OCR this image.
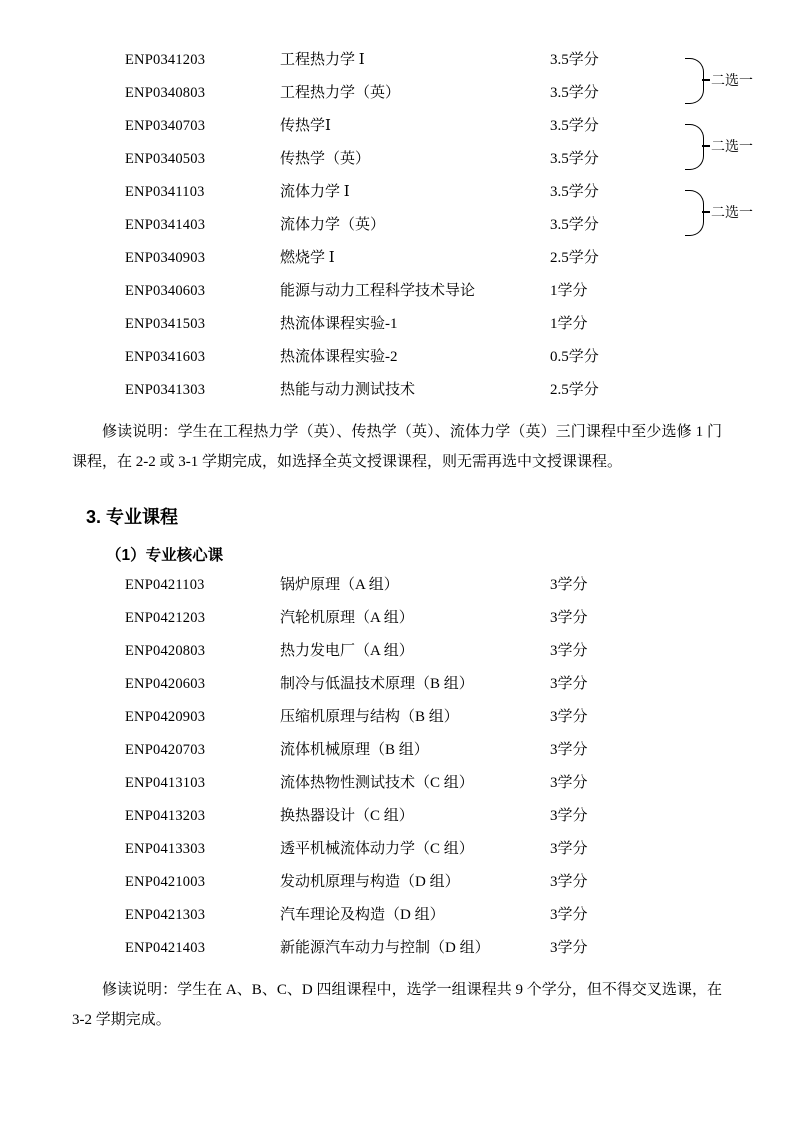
ENP0341203	工程热力学 Ⅰ	3.5学分
ENP0340803	工程热力学（英）	3.5学分
ENP0340703	传热学Ⅰ	3.5学分
ENP0340503	传热学（英）	3.5学分
ENP0341103	流体力学 Ⅰ	3.5学分
ENP0341403	流体力学（英）	3.5学分
ENP0340903	燃烧学 Ⅰ	2.5学分
ENP0340603	能源与动力工程科学技术导论	1学分
ENP0341503	热流体课程实验-1	1学分
ENP0341603	热流体课程实验-2	0.5学分
ENP0341303	热能与动力测试技术	2.5学分
二选一
二选一
二选一

修读说明：学生在工程热力学（英）、传热学（英）、流体力学（英）三门课程中至少选修 1 门课程，在 2-2 或 3-1 学期完成，如选择全英文授课课程，则无需再选中文授课课程。

3. 专业课程
（1）专业核心课
ENP0421103	锅炉原理（A 组）	3学分
ENP0421203	汽轮机原理（A 组）	3学分
ENP0420803	热力发电厂（A 组）	3学分
ENP0420603	制冷与低温技术原理（B 组）	3学分
ENP0420903	压缩机原理与结构（B 组）	3学分
ENP0420703	流体机械原理（B 组）	3学分
ENP0413103	流体热物性测试技术（C 组）	3学分
ENP0413203	换热器设计（C 组）	3学分
ENP0413303	透平机械流体动力学（C 组）	3学分
ENP0421003	发动机原理与构造（D 组）	3学分
ENP0421303	汽车理论及构造（D 组）	3学分
ENP0421403	新能源汽车动力与控制（D 组）	3学分

修读说明：学生在 A、B、C、D 四组课程中，选学一组课程共 9 个学分，但不得交叉选课，在 3-2 学期完成。
